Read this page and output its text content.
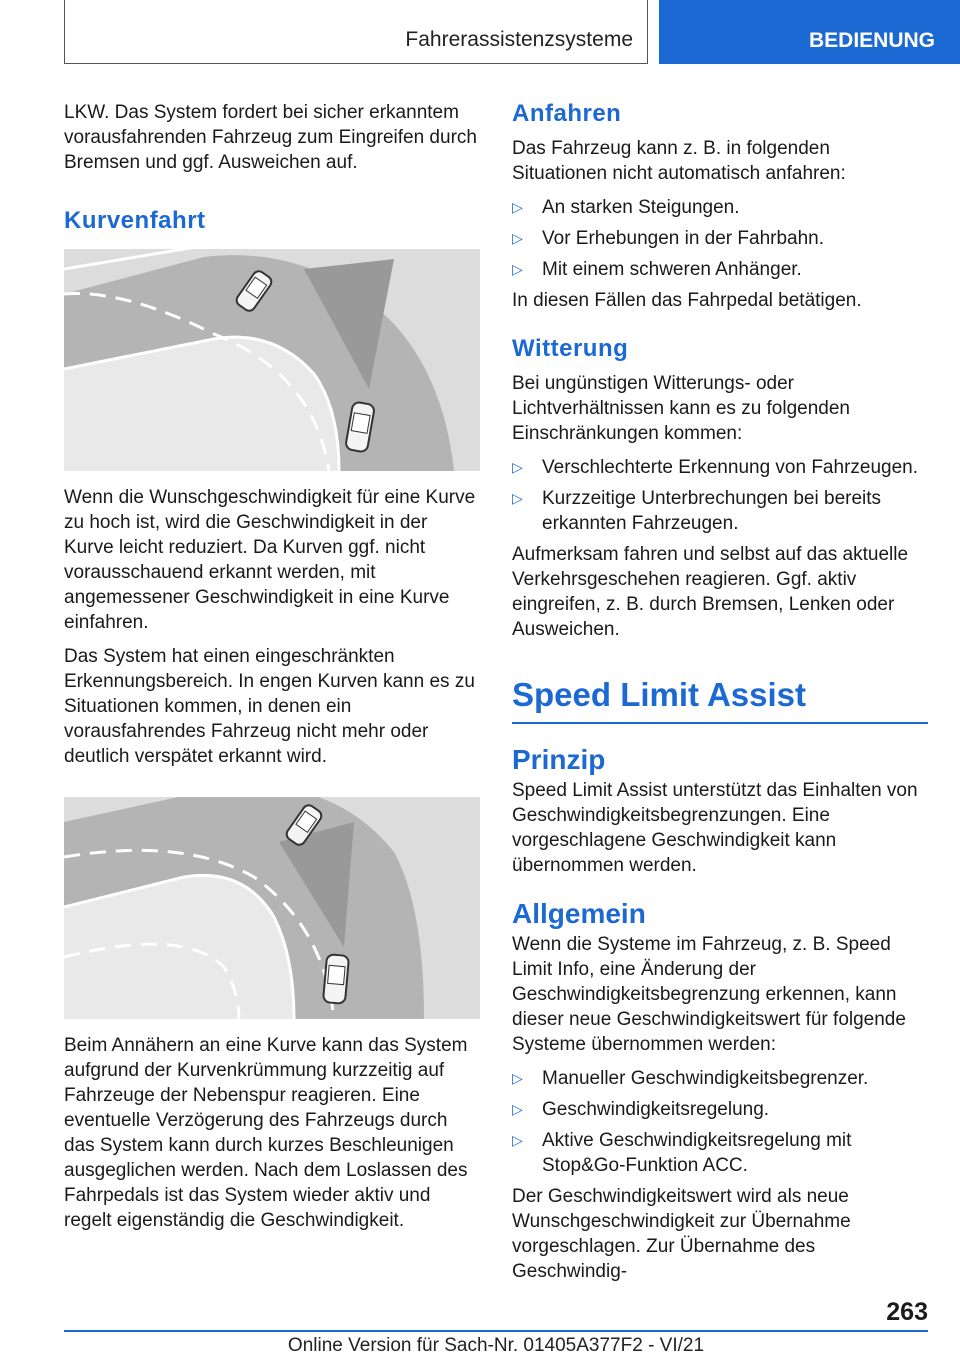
Fahrerassistenzsysteme	BEDIENUNG

LKW. Das System fordert bei sicher erkanntem vorausfahrenden Fahrzeug zum Eingreifen durch Bremsen und ggf. Ausweichen auf.

Kurvenfahrt

Wenn die Wunschgeschwindigkeit für eine Kurve zu hoch ist, wird die Geschwindigkeit in der Kurve leicht reduziert. Da Kurven ggf. nicht vorausschauend erkannt werden, mit angemessener Geschwindigkeit in eine Kurve einfahren.

Das System hat einen eingeschränkten Erkennungsbereich. In engen Kurven kann es zu Situationen kommen, in denen ein vorausfahrendes Fahrzeug nicht mehr oder deutlich verspätet erkannt wird.

Beim Annähern an eine Kurve kann das System aufgrund der Kurvenkrümmung kurzzeitig auf Fahrzeuge der Nebenspur reagieren. Eine eventuelle Verzögerung des Fahrzeugs durch das System kann durch kurzes Beschleunigen ausgeglichen werden. Nach dem Loslassen des Fahrpedals ist das System wieder aktiv und regelt eigenständig die Geschwindigkeit.

Anfahren

Das Fahrzeug kann z. B. in folgenden Situationen nicht automatisch anfahren:

▷ An starken Steigungen.
▷ Vor Erhebungen in der Fahrbahn.
▷ Mit einem schweren Anhänger.

In diesen Fällen das Fahrpedal betätigen.

Witterung

Bei ungünstigen Witterungs- oder Lichtverhältnissen kann es zu folgenden Einschränkungen kommen:

▷ Verschlechterte Erkennung von Fahrzeugen.
▷ Kurzzeitige Unterbrechungen bei bereits erkannten Fahrzeugen.

Aufmerksam fahren und selbst auf das aktuelle Verkehrsgeschehen reagieren. Ggf. aktiv eingreifen, z. B. durch Bremsen, Lenken oder Ausweichen.

Speed Limit Assist
Prinzip

Speed Limit Assist unterstützt das Einhalten von Geschwindigkeitsbegrenzungen. Eine vorgeschlagene Geschwindigkeit kann übernommen werden.

Allgemein

Wenn die Systeme im Fahrzeug, z. B. Speed Limit Info, eine Änderung der Geschwindigkeitsbegrenzung erkennen, kann dieser neue Geschwindigkeitswert für folgende Systeme übernommen werden:

▷ Manueller Geschwindigkeitsbegrenzer.
▷ Geschwindigkeitsregelung.
▷ Aktive Geschwindigkeitsregelung mit Stop&Go-Funktion ACC.

Der Geschwindigkeitswert wird als neue Wunschgeschwindigkeit zur Übernahme vorgeschlagen. Zur Übernahme des Geschwindig-

263
Online Version für Sach-Nr. 01405A377F2 - VI/21
